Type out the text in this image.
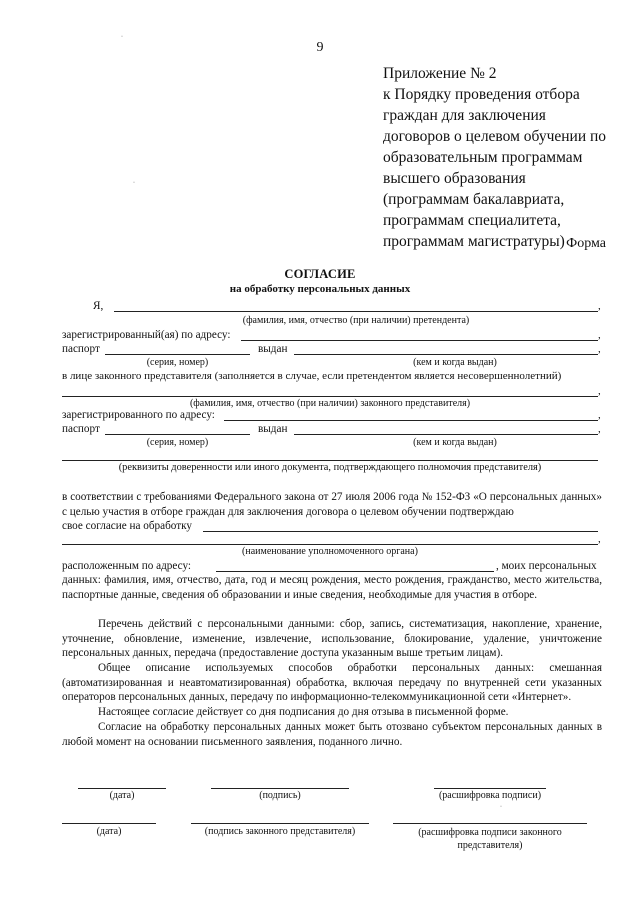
9
Приложение № 2
к Порядку проведения отбора
граждан для заключения
договоров о целевом обучении по
образовательным программам
высшего образования
(программам бакалавриата,
программам специалитета,
программам магистратуры) Форма
СОГЛАСИЕ
на обработку персональных данных
Я,	,
(фамилия, имя, отчество (при наличии) претендента)
зарегистрированный(ая) по адресу:	,
паспорт	выдан	,
(серия, номер)	(кем и когда выдан)
в лице законного представителя (заполняется в случае, если претендентом является несовершеннолетний)
,
(фамилия, имя, отчество (при наличии) законного представителя)
зарегистрированного по адресу:	,
паспорт	выдан	,
(серия, номер)	(кем и когда выдан)
(реквизиты доверенности или иного документа, подтверждающего полномочия представителя)
в соответствии с требованиями Федерального закона от 27 июля 2006 года № 152-ФЗ «О персональных данных» с целью участия в отборе граждан для заключения договора о целевом обучении подтверждаю
свое согласие на обработку
,
(наименование уполномоченного органа)
расположенным по адресу:	, моих персональных
данных: фамилия, имя, отчество, дата, год и месяц рождения, место рождения, гражданство, место жительства, паспортные данные, сведения об образовании и иные сведения, необходимые для участия в отборе.
Перечень действий с персональными данными: сбор, запись, систематизация, накопление, хранение, уточнение, обновление, изменение, извлечение, использование, блокирование, удаление, уничтожение персональных данных, передача (предоставление доступа указанным выше третьим лицам).
Общее описание используемых способов обработки персональных данных: смешанная (автоматизированная и неавтоматизированная) обработка, включая передачу по внутренней сети указанных операторов персональных данных, передачу по информационно-телекоммуникационной сети «Интернет».
Настоящее согласие действует со дня подписания до дня отзыва в письменной форме.
Согласие на обработку персональных данных может быть отозвано субъектом персональных данных в любой момент на основании письменного заявления, поданного лично.
(дата)	(подпись)	(расшифровка подписи)
(дата)	(подпись законного представителя)	(расшифровка подписи законного представителя)
·
·
·
